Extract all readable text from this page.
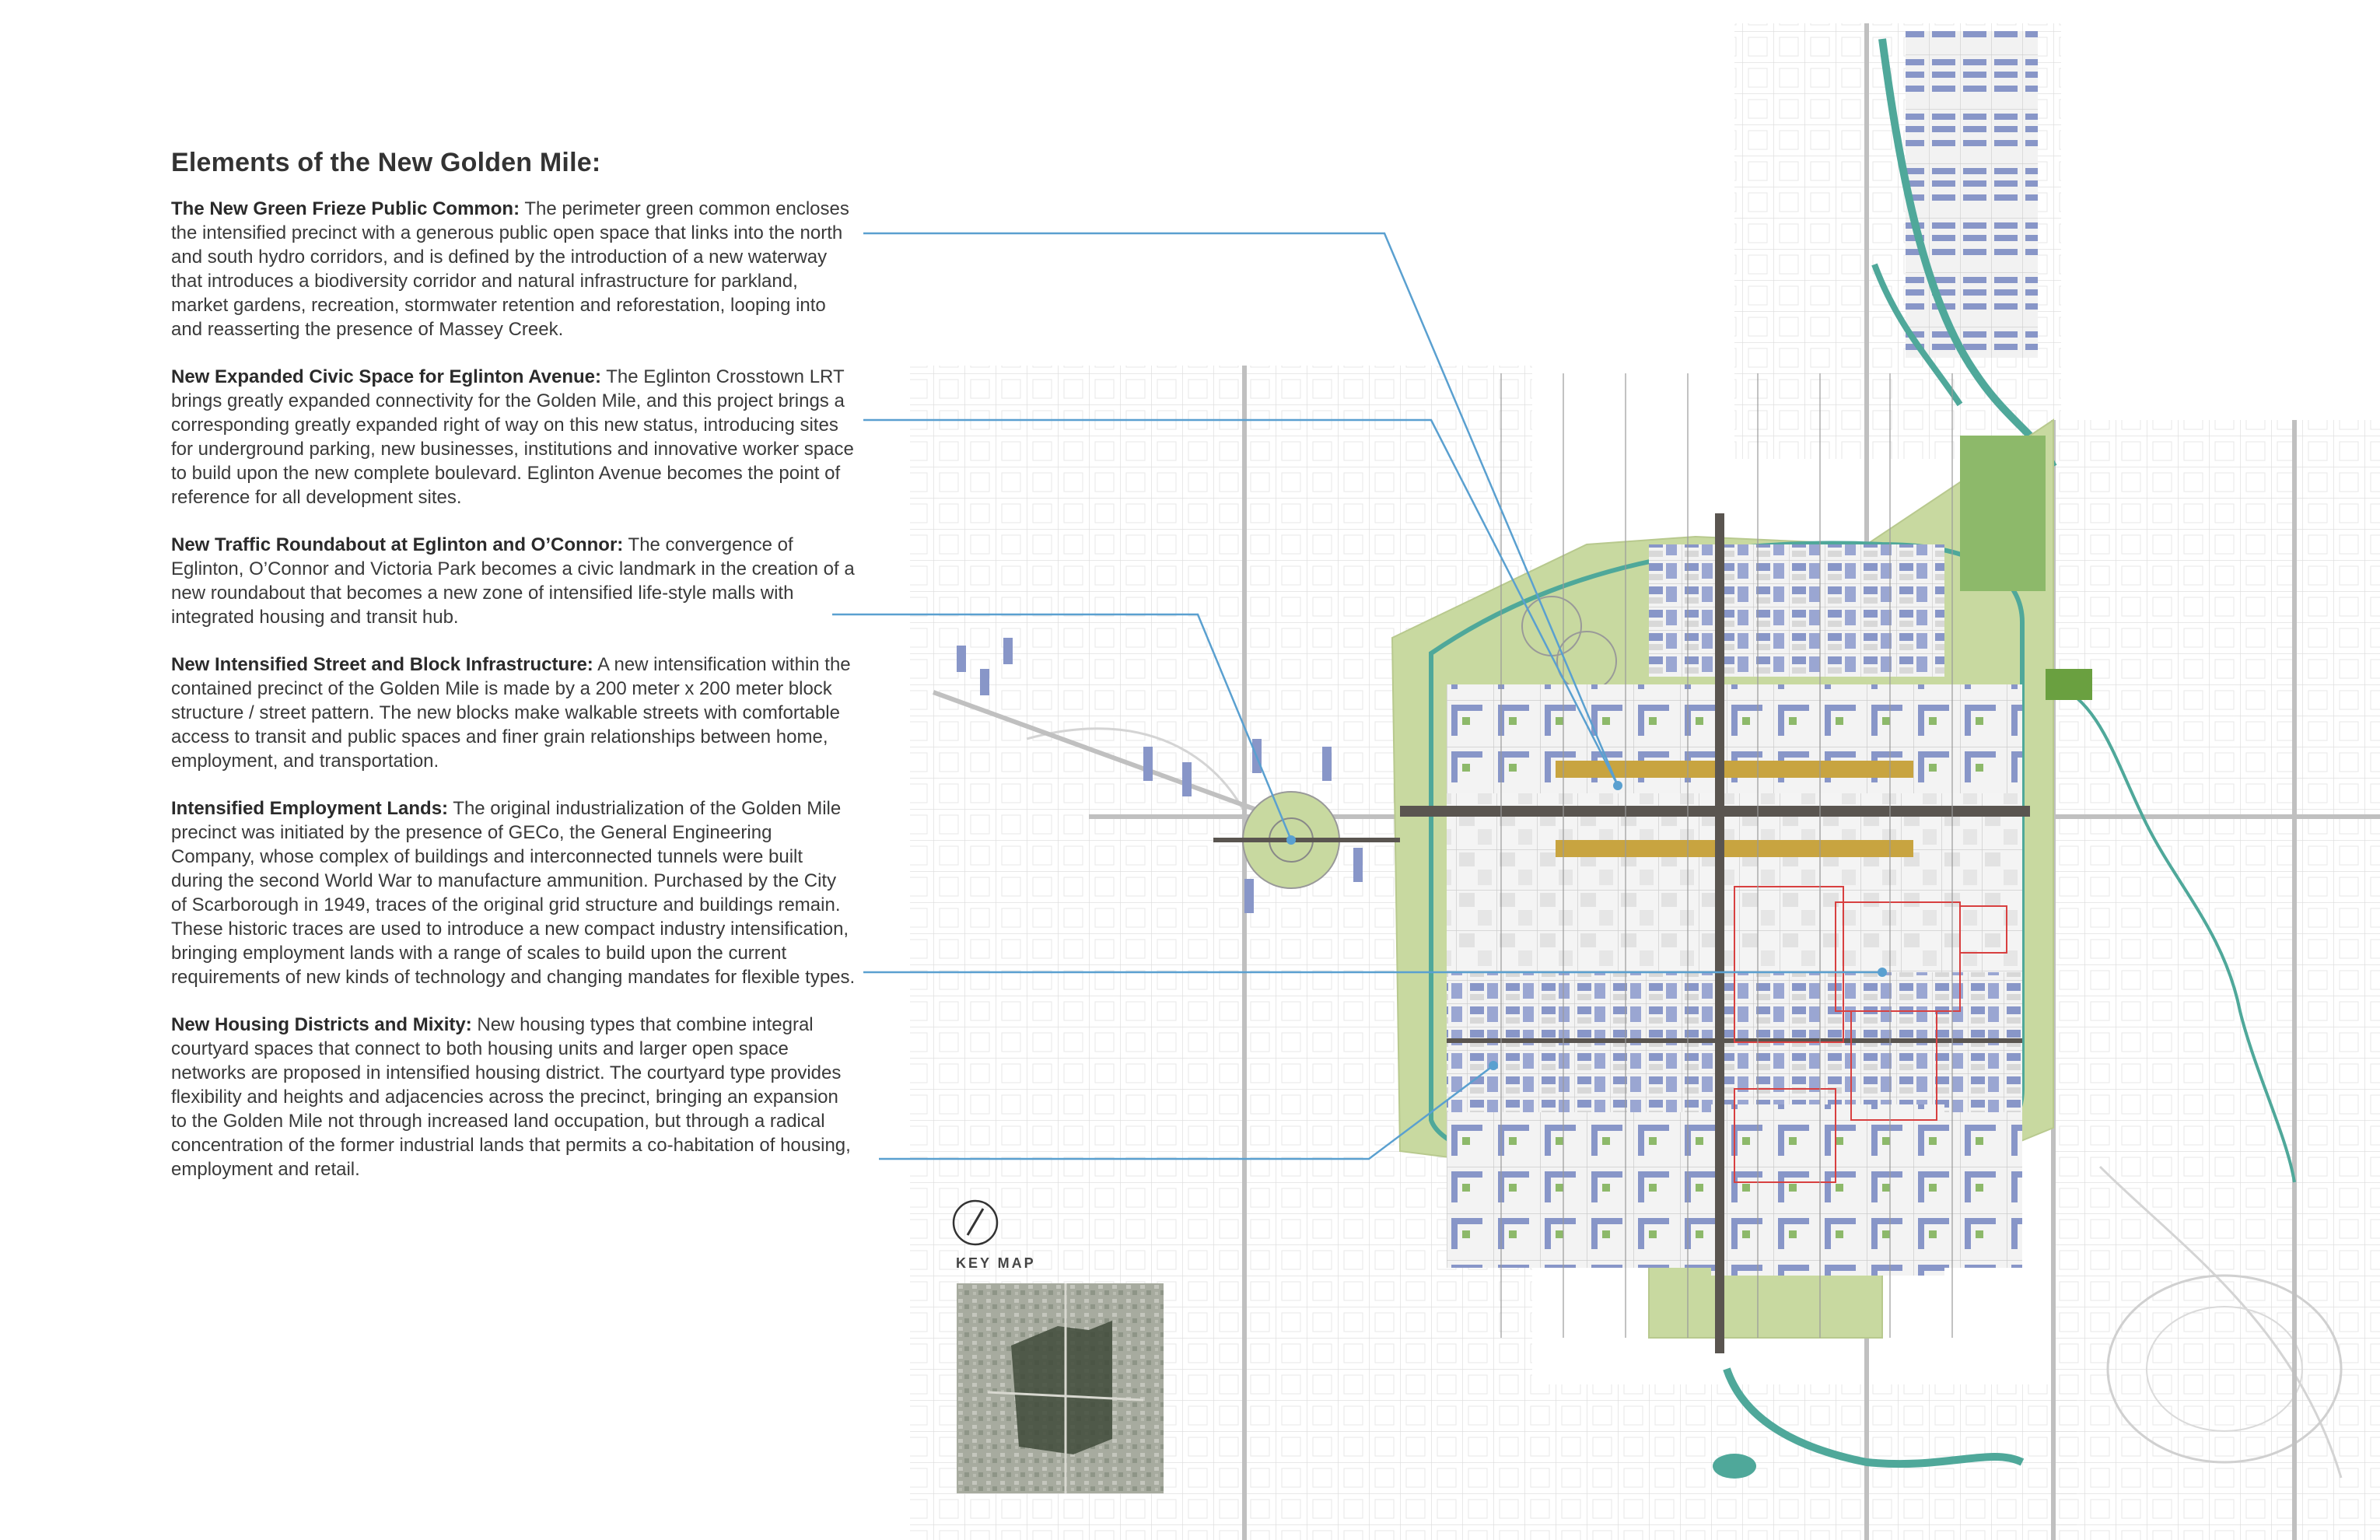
Elements of the New Golden Mile:

The New Green Frieze Public Common: The perimeter green common encloses the intensified precinct with a generous public open space that links into the north and south hydro corridors, and is defined by the introduction of a new waterway that introduces a biodiversity corridor and natural infrastructure for parkland, market gardens, recreation, stormwater retention and reforestation, looping into and reasserting the presence of Massey Creek.

New Expanded Civic Space for Eglinton Avenue: The Eglinton Crosstown LRT brings greatly expanded connectivity for the Golden Mile, and this project brings a corresponding greatly expanded right of way on this new status, introducing sites for underground parking, new businesses, institutions and innovative worker space to build upon the new complete boulevard. Eglinton Avenue becomes the point of reference for all development sites.

New Traffic Roundabout at Eglinton and O’Connor: The convergence of Eglinton, O’Connor and Victoria Park becomes a civic landmark in the creation of a new roundabout that becomes a new zone of intensified life-style malls with integrated housing and transit hub.

New Intensified Street and Block Infrastructure: A new intensification within the contained precinct of the Golden Mile is made by a 200 meter x 200 meter block structure / street pattern. The new blocks make walkable streets with comfortable access to transit and public spaces and finer grain relationships between home, employment, and transportation.

Intensified Employment Lands: The original industrialization of the Golden Mile precinct was initiated by the presence of GECo, the General Engineering Company, whose complex of buildings and interconnected tunnels were built during the second World War to manufacture ammunition. Purchased by the City of Scarborough in 1949, traces of the original grid structure and buildings remain. These historic traces are used to introduce a new compact industry intensification, bringing employment lands with a range of scales to build upon the current requirements of new kinds of technology and changing mandates for flexible types.

New Housing Districts and Mixity: New housing types that combine integral courtyard spaces that connect to both housing units and larger open space networks are proposed in intensified housing district. The courtyard type provides flexibility and heights and adjacencies across the precinct, bringing an expansion to the Golden Mile not through increased land occupation, but through a radical concentration of the former industrial lands that permits a co-habitation of housing, employment and retail.

KEY MAP
